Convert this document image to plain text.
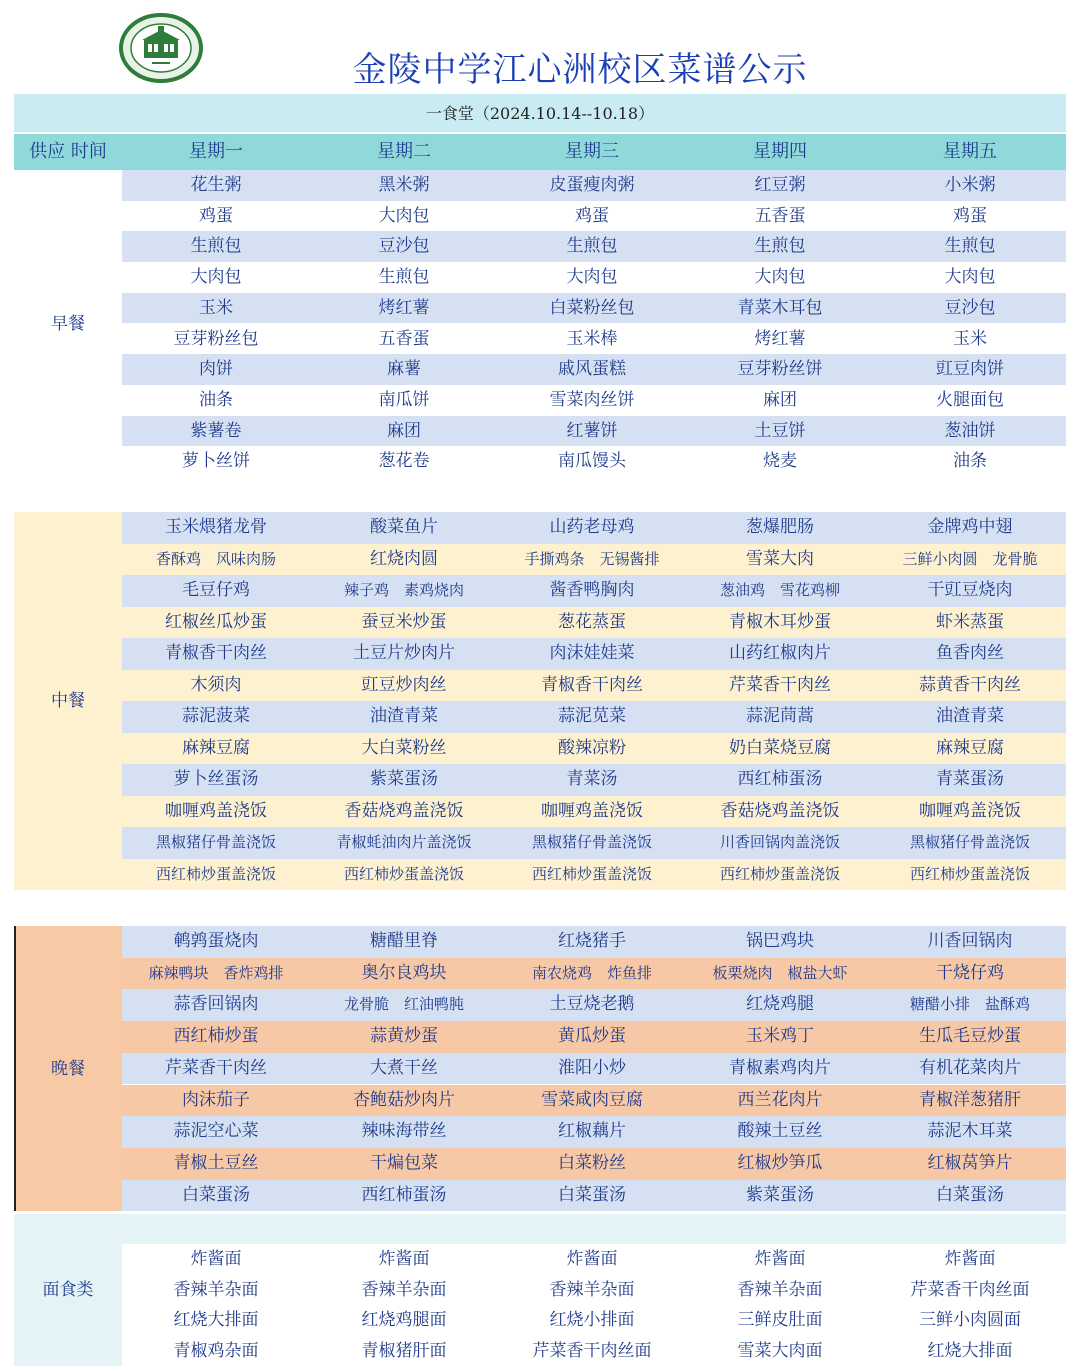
金陵中学江心洲校区菜谱公示
一食堂（2024.10.14--10.18）
供应 时间	星期一	星期二	星期三	星期四	星期五
早餐
花生粥	黑米粥	皮蛋瘦肉粥	红豆粥	小米粥
鸡蛋	大肉包	鸡蛋	五香蛋	鸡蛋
生煎包	豆沙包	生煎包	生煎包	生煎包
大肉包	生煎包	大肉包	大肉包	大肉包
玉米	烤红薯	白菜粉丝包	青菜木耳包	豆沙包
豆芽粉丝包	五香蛋	玉米棒	烤红薯	玉米
肉饼	麻薯	戚风蛋糕	豆芽粉丝饼	豇豆肉饼
油条	南瓜饼	雪菜肉丝饼	麻团	火腿面包
紫薯卷	麻团	红薯饼	土豆饼	葱油饼
萝卜丝饼	葱花卷	南瓜馒头	烧麦	油条
中餐
玉米煨猪龙骨	酸菜鱼片	山药老母鸡	葱爆肥肠	金牌鸡中翅
香酥鸡　风味肉肠	红烧肉圆	手撕鸡条　无锡酱排	雪菜大肉	三鲜小肉圆　龙骨脆
毛豆仔鸡	辣子鸡　素鸡烧肉	酱香鸭胸肉	葱油鸡　雪花鸡柳	干豇豆烧肉
红椒丝瓜炒蛋	蚕豆米炒蛋	葱花蒸蛋	青椒木耳炒蛋	虾米蒸蛋
青椒香干肉丝	土豆片炒肉片	肉沫娃娃菜	山药红椒肉片	鱼香肉丝
木须肉	豇豆炒肉丝	青椒香干肉丝	芹菜香干肉丝	蒜黄香干肉丝
蒜泥菠菜	油渣青菜	蒜泥苋菜	蒜泥茼蒿	油渣青菜
麻辣豆腐	大白菜粉丝	酸辣凉粉	奶白菜烧豆腐	麻辣豆腐
萝卜丝蛋汤	紫菜蛋汤	青菜汤	西红柿蛋汤	青菜蛋汤
咖喱鸡盖浇饭	香菇烧鸡盖浇饭	咖喱鸡盖浇饭	香菇烧鸡盖浇饭	咖喱鸡盖浇饭
黑椒猪仔骨盖浇饭	青椒蚝油肉片盖浇饭	黑椒猪仔骨盖浇饭	川香回锅肉盖浇饭	黑椒猪仔骨盖浇饭
西红柿炒蛋盖浇饭	西红柿炒蛋盖浇饭	西红柿炒蛋盖浇饭	西红柿炒蛋盖浇饭	西红柿炒蛋盖浇饭
晚餐
鹌鹑蛋烧肉	糖醋里脊	红烧猪手	锅巴鸡块	川香回锅肉
麻辣鸭块　香炸鸡排	奥尔良鸡块	南农烧鸡　炸鱼排	板栗烧肉　椒盐大虾	干烧仔鸡
蒜香回锅肉	龙骨脆　红油鸭肫	土豆烧老鹅	红烧鸡腿	糖醋小排　盐酥鸡
西红柿炒蛋	蒜黄炒蛋	黄瓜炒蛋	玉米鸡丁	生瓜毛豆炒蛋
芹菜香干肉丝	大煮干丝	淮阳小炒	青椒素鸡肉片	有机花菜肉片
肉沫茄子	杏鲍菇炒肉片	雪菜咸肉豆腐	西兰花肉片	青椒洋葱猪肝
蒜泥空心菜	辣味海带丝	红椒藕片	酸辣土豆丝	蒜泥木耳菜
青椒土豆丝	干煸包菜	白菜粉丝	红椒炒笋瓜	红椒莴笋片
白菜蛋汤	西红柿蛋汤	白菜蛋汤	紫菜蛋汤	白菜蛋汤
面食类
炸酱面	炸酱面	炸酱面	炸酱面	炸酱面
香辣羊杂面	香辣羊杂面	香辣羊杂面	香辣羊杂面	芹菜香干肉丝面
红烧大排面	红烧鸡腿面	红烧小排面	三鲜皮肚面	三鲜小肉圆面
青椒鸡杂面	青椒猪肝面	芹菜香干肉丝面	雪菜大肉面	红烧大排面
